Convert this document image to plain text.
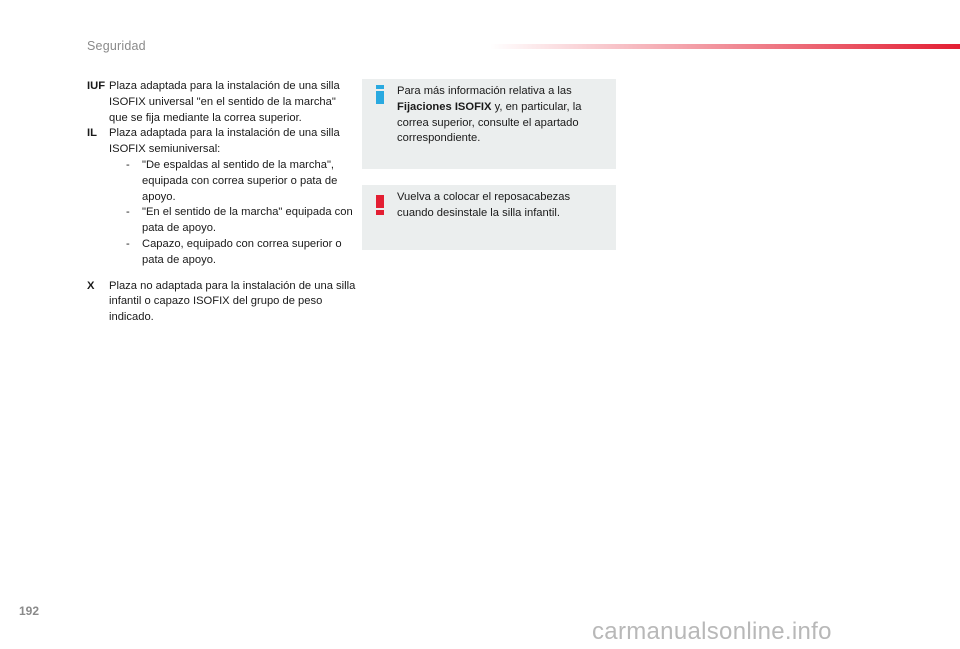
Seguridad
IUF Plaza adaptada para la instalación de una silla ISOFIX universal "en el sentido de la marcha" que se fija mediante la correa superior.
IL Plaza adaptada para la instalación de una silla ISOFIX semiuniversal:
- "De espaldas al sentido de la marcha", equipada con correa superior o pata de apoyo.
- "En el sentido de la marcha" equipada con pata de apoyo.
- Capazo, equipado con correa superior o pata de apoyo.
X Plaza no adaptada para la instalación de una silla infantil o capazo ISOFIX del grupo de peso indicado.
Para más información relativa a las Fijaciones ISOFIX y, en particular, la correa superior, consulte el apartado correspondiente.
Vuelva a colocar el reposacabezas cuando desinstale la silla infantil.
192
carmanualsonline.info
